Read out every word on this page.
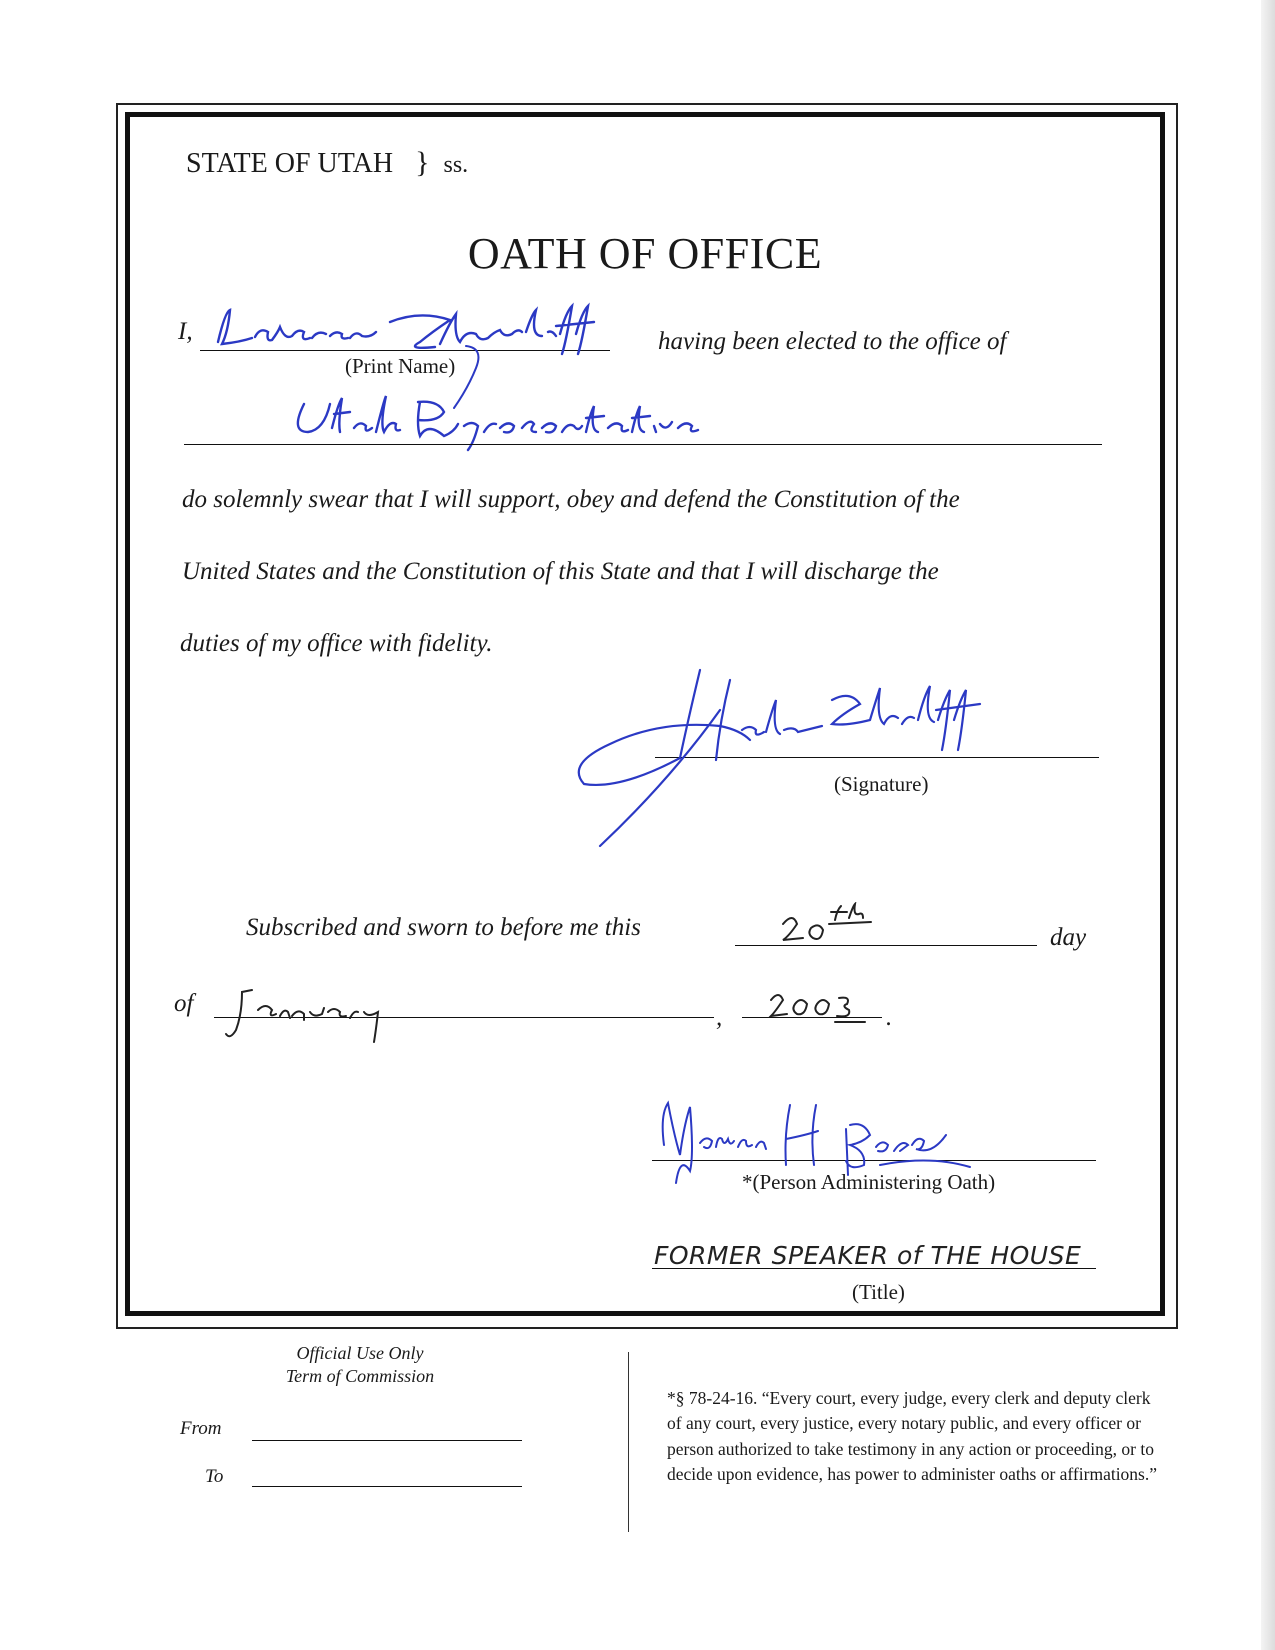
STATE OF UTAH } ss.
OATH OF OFFICE
I,
(Print Name)
having been elected to the office of
do solemnly swear that I will support, obey and defend the Constitution of the
United States and the Constitution of this State and that I will discharge the
duties of my office with fidelity.
(Signature)
Subscribed and sworn to before me this	day
of
,	.
*(Person Administering Oath)
FORMER SPEAKER of THE HOUSE
(Title)
Official Use Only
Term of Commission
From
To
*§ 78-24-16. “Every court, every judge, every clerk and deputy clerk of any court, every justice, every notary public, and every officer or person authorized to take testimony in any action or proceeding, or to decide upon evidence, has power to administer oaths or affirmations.”
